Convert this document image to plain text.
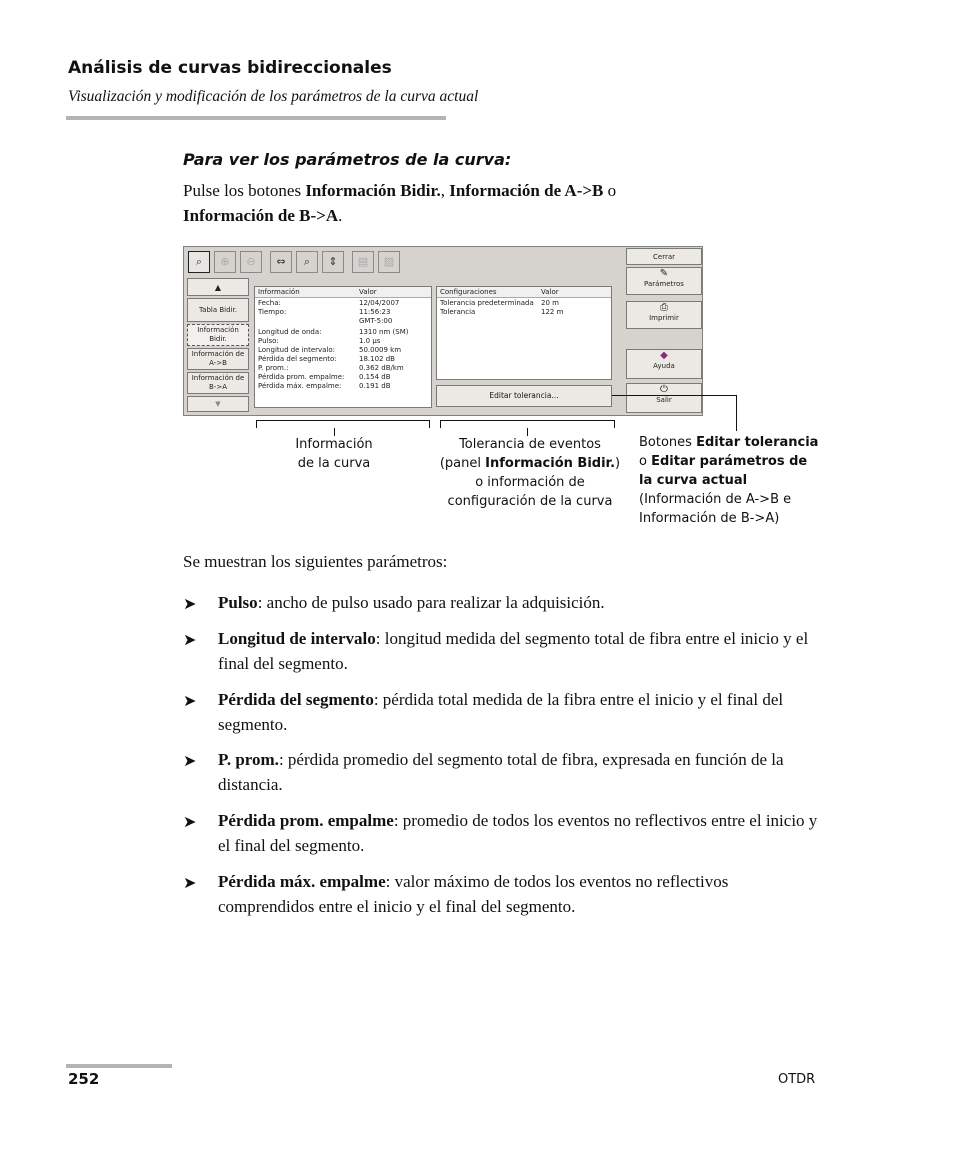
Análisis de curvas bidireccionales
Visualización y modificación de los parámetros de la curva actual
Para ver los parámetros de la curva:
Pulse los botones Información Bidir., Información de A->B o
Información de B->A.
⌕	⊕	⊖	⇔	⌕	⇕	▤	▧
▲
Tabla Bidir.
Información Bidir.
Información de A->B
Información de B->A
▼
Información	Valor
Fecha:	12/04/2007
Tiempo:	11:56:23
GMT-5:00
Longitud de onda:	1310 nm (SM)
Pulso:	1.0 µs
Longitud de intervalo:	50.0009 km
Pérdida del segmento:	18.102 dB
P. prom.:	0.362 dB/km
Pérdida prom. empalme: 0.154 dB
Pérdida máx. empalme:	0.191 dB
Configuraciones	Valor
Tolerancia predeterminada 20 m
Tolerancia	122 m
Editar tolerancia...
Cerrar
✎
Parámetros
⎙
Imprimir
◆
Ayuda
⏻
Salir
Información
de la curva
Tolerancia de eventos
(panel Información Bidir.)
o información de
configuración de la curva
Botones Editar tolerancia
o Editar parámetros de
la curva actual
(Información de A->B e
Información de B->A)
Se muestran los siguientes parámetros:
➤ Pulso: ancho de pulso usado para realizar la adquisición.
➤ Longitud de intervalo: longitud medida del segmento total de fibra entre el inicio y el final del segmento.
➤ Pérdida del segmento: pérdida total medida de la fibra entre el inicio y el final del segmento.
➤ P. prom.: pérdida promedio del segmento total de fibra, expresada en función de la distancia.
➤ Pérdida prom. empalme: promedio de todos los eventos no reflectivos entre el inicio y el final del segmento.
➤ Pérdida máx. empalme: valor máximo de todos los eventos no reflectivos comprendidos entre el inicio y el final del segmento.
252	OTDR
